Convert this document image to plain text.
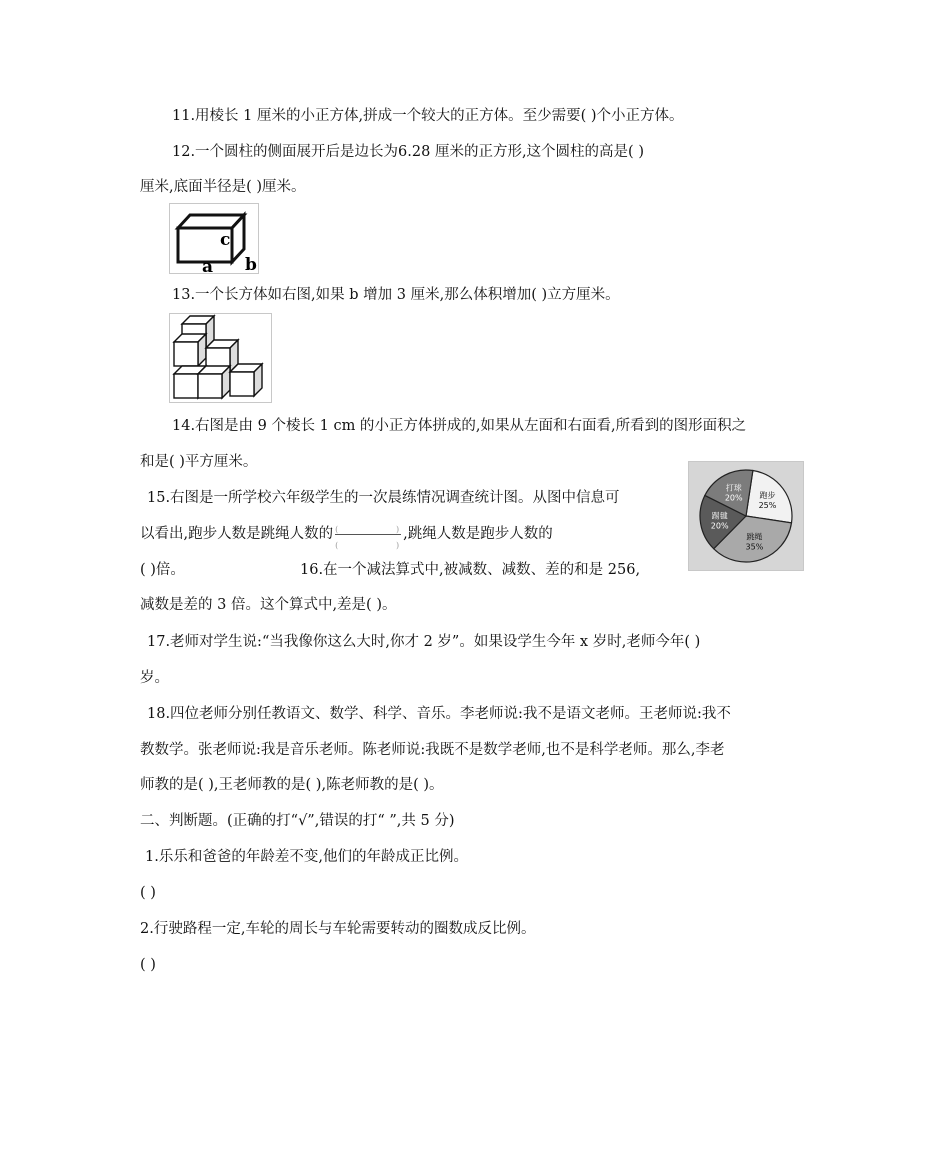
11.用棱长 1 厘米的小正方体,拼成一个较大的正方体。至少需要( )个小正方体。
12.一个圆柱的侧面展开后是边长为6.28 厘米的正方形,这个圆柱的高是( )
厘米,底面半径是( )厘米。
c
a b
13.一个长方体如右图,如果 b 增加 3 厘米,那么体积增加( )立方厘米。
14.右图是由 9 个棱长 1 cm 的小正方体拼成的,如果从左面和右面看,所看到的图形面积之
和是( )平方厘米。
跑步
25%
跳绳
35%
踢毽
20%
打球
20%
15.右图是一所学校六年级学生的一次晨练情况调查统计图。从图中信息可
以看出,跑步人数是跳绳人数的 (	)
(	)
,跳绳人数是跑步人数的
( )倍。	16.在一个减法算式中,被减数、减数、差的和是 256,
减数是差的 3 倍。这个算式中,差是( )。
17.老师对学生说:“当我像你这么大时,你才 2 岁”。如果设学生今年 x 岁时,老师今年( )
岁。
18.四位老师分别任教语文、数学、科学、音乐。李老师说:我不是语文老师。王老师说:我不
教数学。张老师说:我是音乐老师。陈老师说:我既不是数学老师,也不是科学老师。那么,李老
师教的是( ),王老师教的是( ),陈老师教的是( )。
二、判断题。(正确的打“√”,错误的打“ ”,共 5 分)
1.乐乐和爸爸的年龄差不变,他们的年龄成正比例。
( )
2.行驶路程一定,车轮的周长与车轮需要转动的圈数成反比例。
( )
